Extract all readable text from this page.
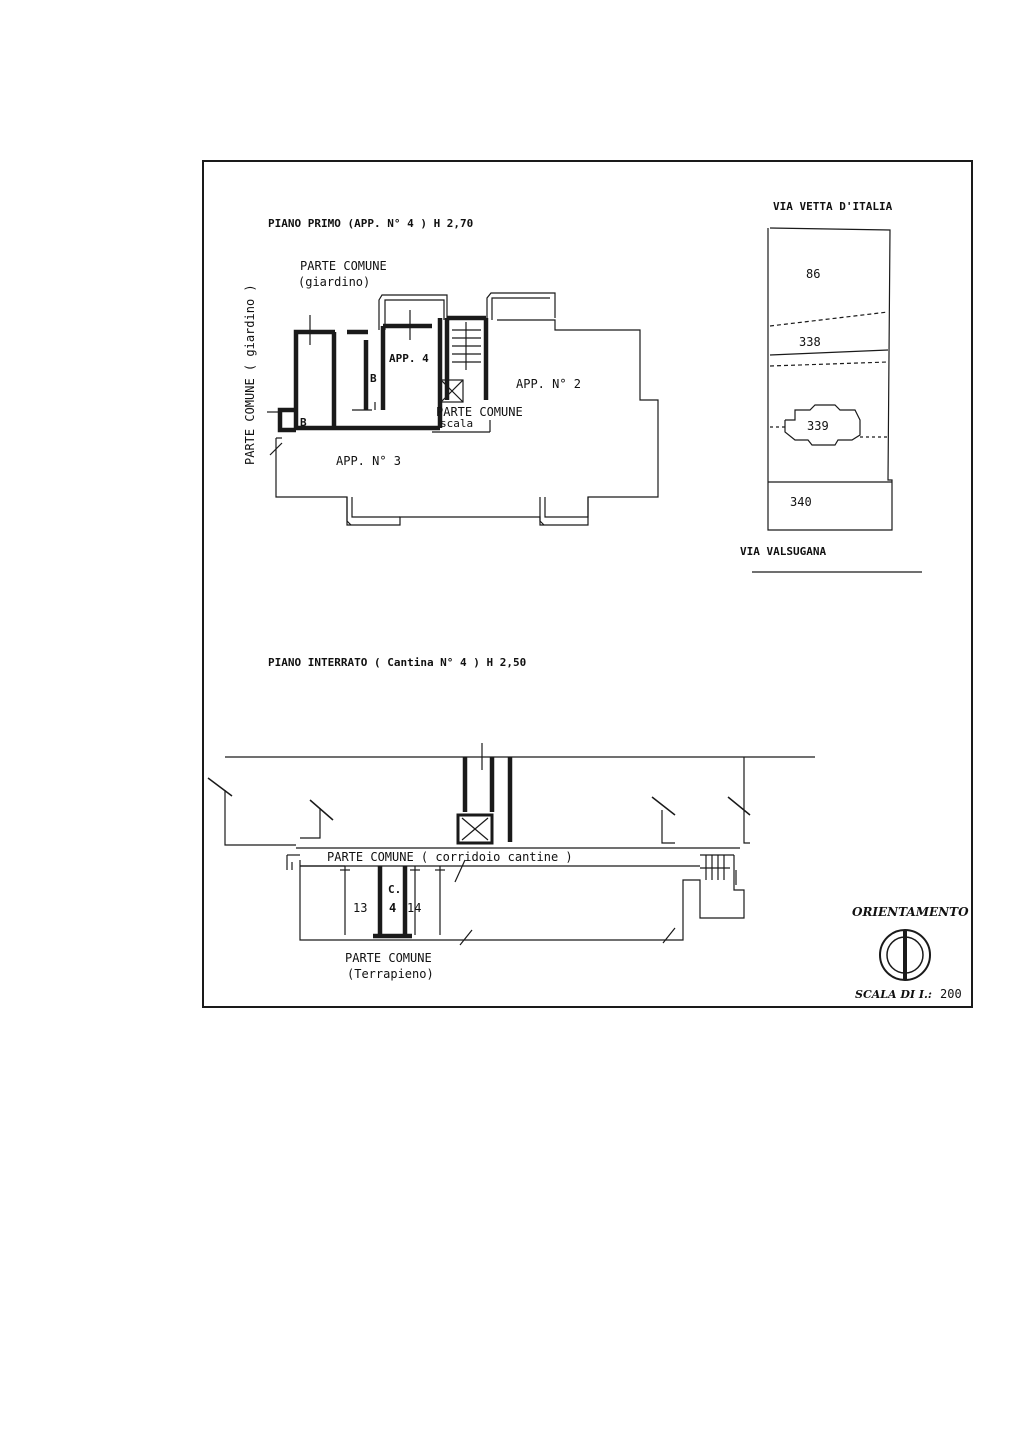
PIANO PRIMO (APP. N° 4 ) H 2,70
PARTE COMUNE
(giardino)
PARTE COMUNE ( giardino )	APP. 4
APP. N° 2
APP. N° 3
B
B
PARTE COMUNE
scala
VIA VETTA D'ITALIA
VIA VALSUGANA
86
338
339
340
PIANO INTERRATO ( Cantina N° 4 ) H 2,50
PARTE COMUNE ( corridoio cantine )
C.
13 4 14
PARTE COMUNE
(Terrapieno)
ORIENTAMENTO
SCALA DI I.: 200
